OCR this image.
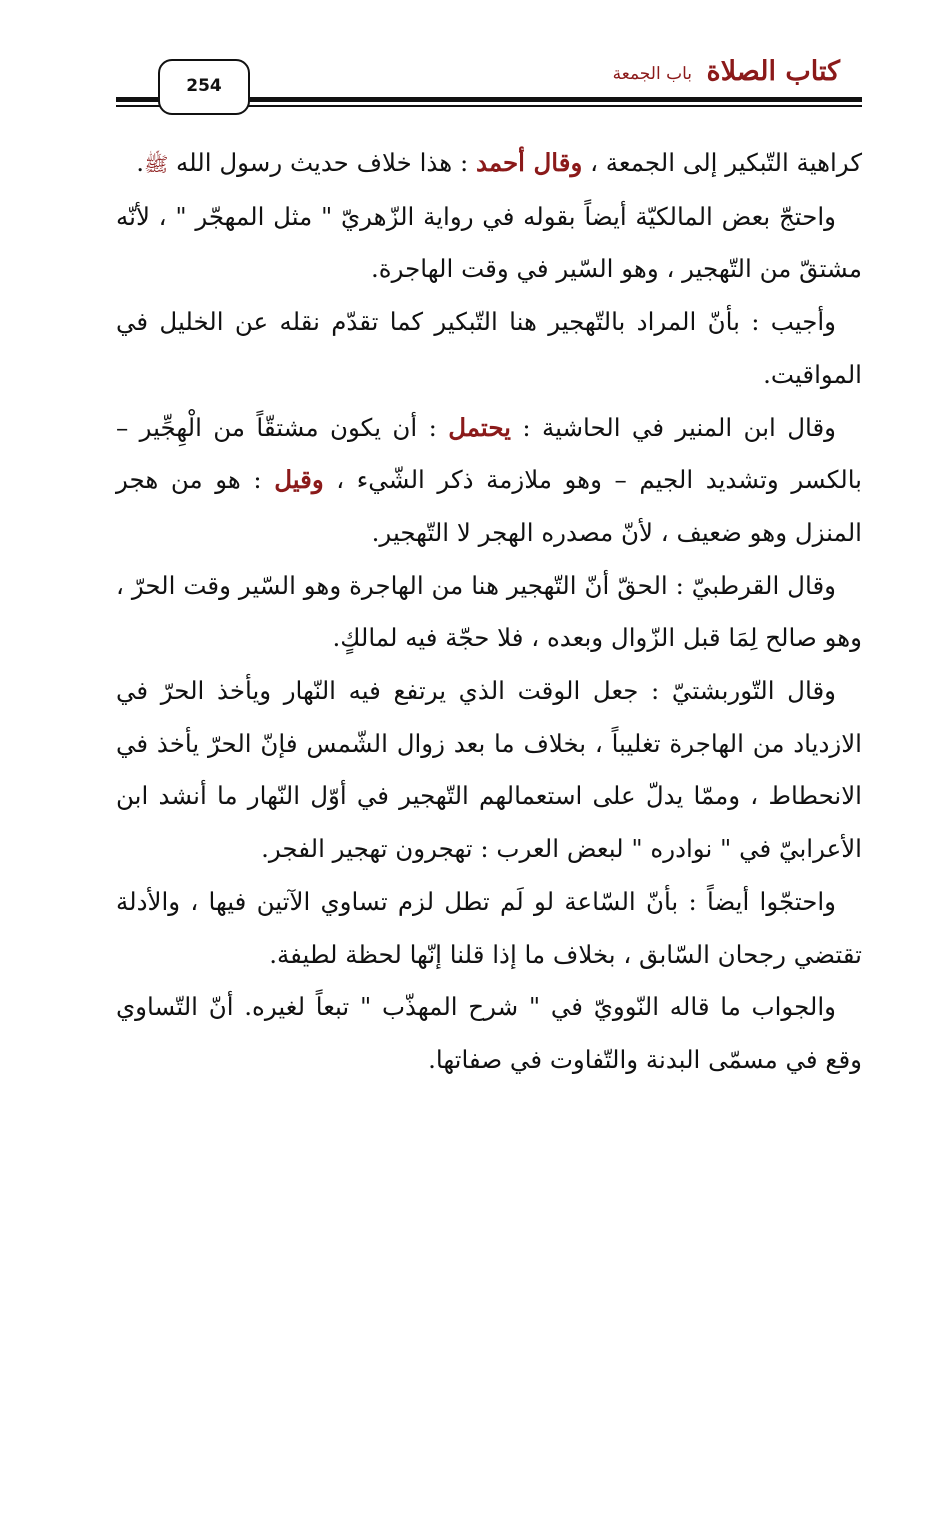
كتاب الصلاة
باب الجمعة
254

كراهية التّبكير إلى الجمعة ، وقال أحمد : هذا خلاف حديث رسول الله ﷺ.

واحتجّ بعض المالكيّة أيضاً بقوله في رواية الزّهريّ " مثل المهجّر " ، لأنّه مشتقّ من التّهجير ، وهو السّير في وقت الهاجرة.

وأجيب : بأنّ المراد بالتّهجير هنا التّبكير كما تقدّم نقله عن الخليل في المواقيت.

وقال ابن المنير في الحاشية : يحتمل : أن يكون مشتقّاً من الْهِجِّير – بالكسر وتشديد الجيم – وهو ملازمة ذكر الشّيء ، وقيل : هو من هجر المنزل وهو ضعيف ، لأنّ مصدره الهجر لا التّهجير.

وقال القرطبيّ : الحقّ أنّ التّهجير هنا من الهاجرة وهو السّير وقت الحرّ ، وهو صالح لِمَا قبل الزّوال وبعده ، فلا حجّة فيه لمالكٍ.

وقال التّوربشتيّ : جعل الوقت الذي يرتفع فيه النّهار ويأخذ الحرّ في الازدياد من الهاجرة تغليباً ، بخلاف ما بعد زوال الشّمس فإنّ الحرّ يأخذ في الانحطاط ، وممّا يدلّ على استعمالهم التّهجير في أوّل النّهار ما أنشد ابن الأعرابيّ في " نوادره " لبعض العرب : تهجرون تهجير الفجر.

واحتجّوا أيضاً : بأنّ السّاعة لو لَم تطل لزم تساوي الآتين فيها ، والأدلة تقتضي رجحان السّابق ، بخلاف ما إذا قلنا إنّها لحظة لطيفة.

والجواب ما قاله النّوويّ في " شرح المهذّب " تبعاً لغيره. أنّ التّساوي وقع في مسمّى البدنة والتّفاوت في صفاتها.
